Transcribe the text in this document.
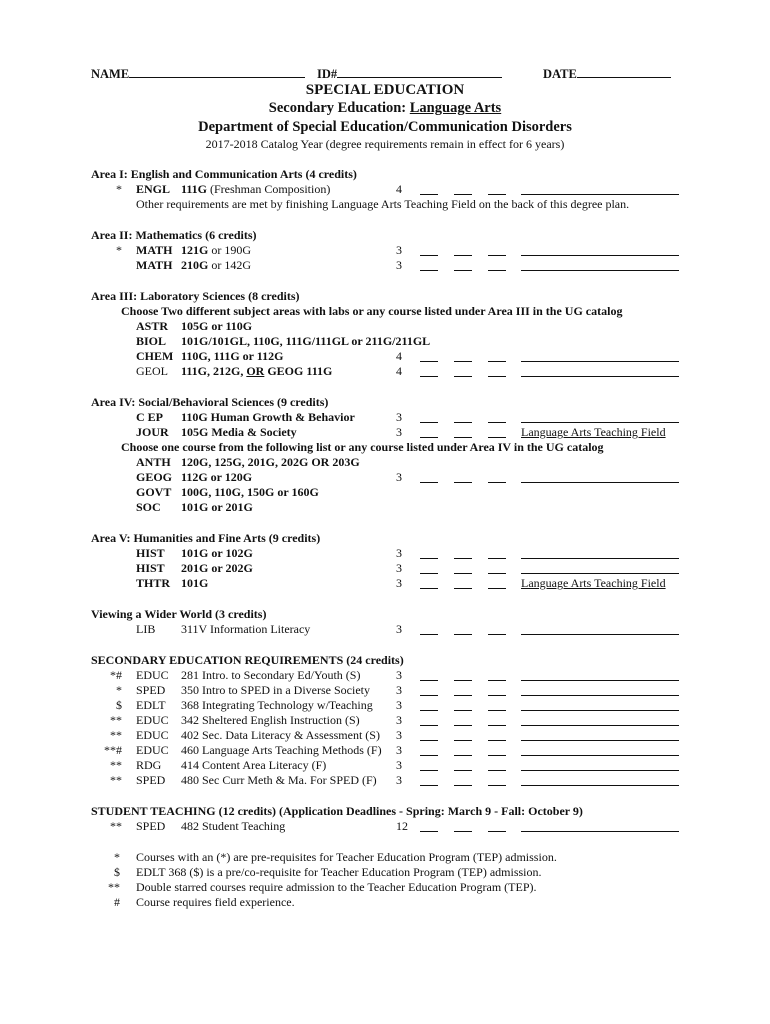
NAME	ID#	DATE
SPECIAL EDUCATION
Secondary Education: Language Arts
Department of Special Education/Communication Disorders
2017-2018 Catalog Year (degree requirements remain in effect for 6 years)
Area I: English and Communication Arts (4 credits)
* ENGL 111G (Freshman Composition)	4
Other requirements are met by finishing Language Arts Teaching Field on the back of this degree plan.
Area II: Mathematics (6 credits)
* MATH 121G or 190G	3
MATH 210G or 142G	3
Area III: Laboratory Sciences (8 credits)
Choose Two different subject areas with labs or any course listed under Area III in the UG catalog
ASTR 105G or 110G
BIOL 101G/101GL, 110G, 111G/111GL or 211G/211GL
CHEM 110G, 111G or 112G	4
GEOL 111G, 212G, OR GEOG 111G	4
Area IV: Social/Behavioral Sciences (9 credits)
C EP 110G Human Growth & Behavior	3
JOUR 105G Media & Society	3	Language Arts Teaching Field
Choose one course from the following list or any course listed under Area IV in the UG catalog
ANTH 120G, 125G, 201G, 202G OR 203G
GEOG 112G or 120G	3
GOVT 100G, 110G, 150G or 160G
SOC 101G or 201G
Area V: Humanities and Fine Arts (9 credits)
HIST 101G or 102G	3
HIST 201G or 202G	3
THTR 101G	3	Language Arts Teaching Field
Viewing a Wider World (3 credits)
LIB 311V Information Literacy	3
SECONDARY EDUCATION REQUIREMENTS (24 credits)
*# EDUC 281 Intro. to Secondary Ed/Youth (S)	3
* SPED 350 Intro to SPED in a Diverse Society 3
$ EDLT 368 Integrating Technology w/Teaching 3
** EDUC 342 Sheltered English Instruction (S)	3
** EDUC 402 Sec. Data Literacy & Assessment (S) 3
**# EDUC 460 Language Arts Teaching Methods (F) 3
** RDG 414 Content Area Literacy (F)	3
** SPED 480 Sec Curr Meth & Ma. For SPED (F) 3
STUDENT TEACHING (12 credits) (Application Deadlines - Spring: March 9 - Fall: October 9)
** SPED 482 Student Teaching	12
* Courses with an (*) are pre-requisites for Teacher Education Program (TEP) admission.
$ EDLT 368 ($) is a pre/co-requisite for Teacher Education Program (TEP) admission.
** Double starred courses require admission to the Teacher Education Program (TEP).
# Course requires field experience.
